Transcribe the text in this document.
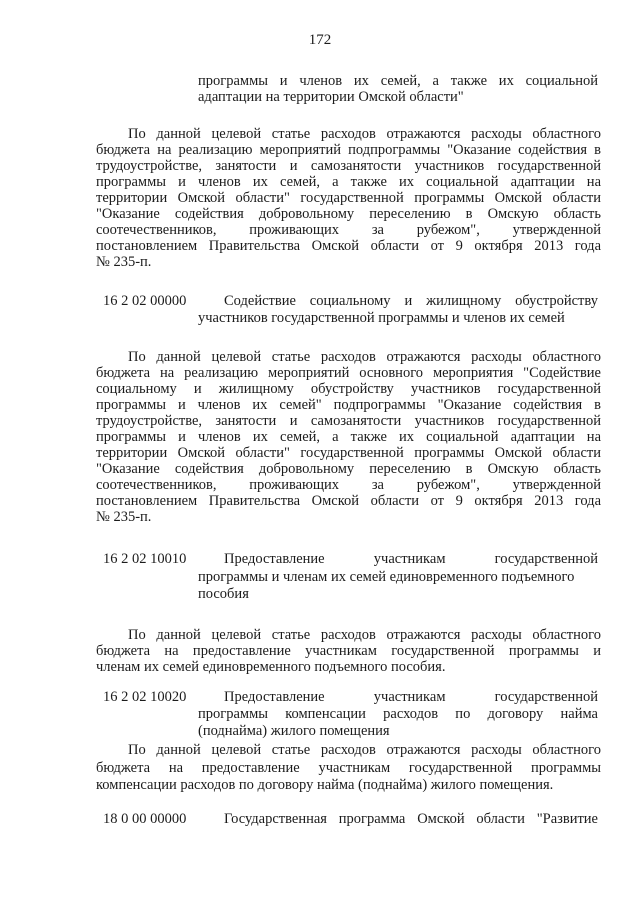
172
программы и членов их семей, а также их социальной
адаптации на территории Омской области"
По данной целевой статье расходов отражаются расходы областного
бюджета на реализацию мероприятий подпрограммы "Оказание содействия в
трудоустройстве, занятости и самозанятости участников государственной
программы и членов их семей, а также их социальной адаптации на
территории Омской области" государственной программы Омской области
"Оказание содействия добровольному переселению в Омскую область
соотечественников, проживающих за рубежом", утвержденной
постановлением Правительства Омской области от 9 октября 2013 года
№ 235-п.
16 2 02 00000	Содействие социальному и жилищному обустройству
участников государственной программы и членов их семей
По данной целевой статье расходов отражаются расходы областного
бюджета на реализацию мероприятий основного мероприятия "Содействие
социальному и жилищному обустройству участников государственной
программы и членов их семей" подпрограммы "Оказание содействия в
трудоустройстве, занятости и самозанятости участников государственной
программы и членов их семей, а также их социальной адаптации на
территории Омской области" государственной программы Омской области
"Оказание содействия добровольному переселению в Омскую область
соотечественников, проживающих за рубежом", утвержденной
постановлением Правительства Омской области от 9 октября 2013 года
№ 235-п.
16 2 02 10010	Предоставление участникам государственной
программы и членам их семей единовременного подъемного
пособия
По данной целевой статье расходов отражаются расходы областного
бюджета на предоставление участникам государственной программы и
членам их семей единовременного подъемного пособия.
16 2 02 10020	Предоставление участникам государственной
программы компенсации расходов по договору найма
(поднайма) жилого помещения
По данной целевой статье расходов отражаются расходы областного
бюджета на предоставление участникам государственной программы
компенсации расходов по договору найма (поднайма) жилого помещения.
18 0 00 00000	Государственная программа Омской области "Развитие
